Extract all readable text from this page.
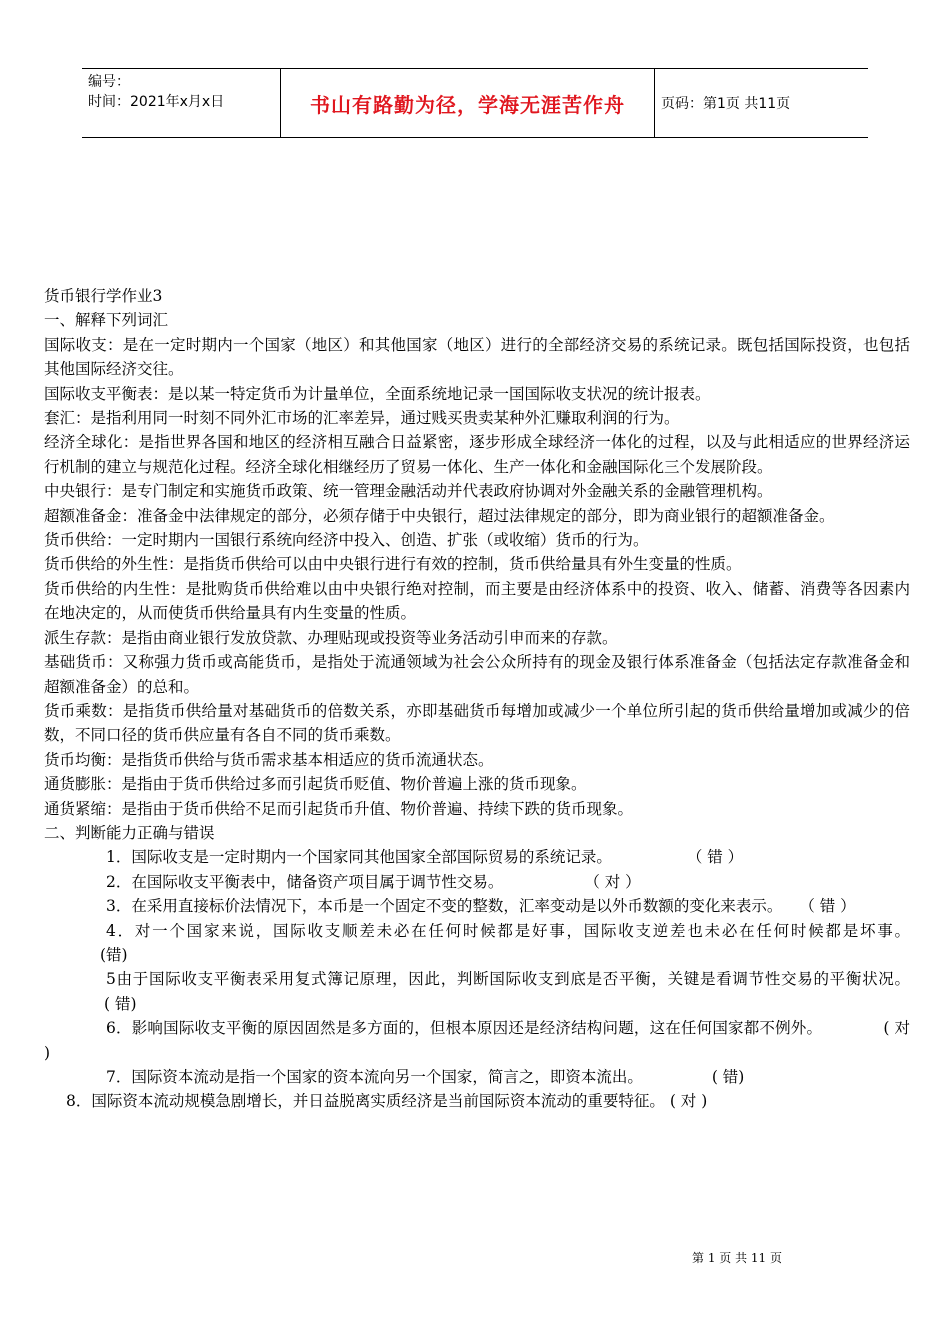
编号：
时间：2021年x月x日	书山有路勤为径，学海无涯苦作舟	页码：第1页 共11页

货币银行学作业3

一、解释下列词汇

国际收支：是在一定时期内一个国家（地区）和其他国家（地区）进行的全部经济交易的系统记录。既包括国际投资，也包括其他国际经济交往。

国际收支平衡表：是以某一特定货币为计量单位，全面系统地记录一国国际收支状况的统计报表。

套汇：是指利用同一时刻不同外汇市场的汇率差异，通过贱买贵卖某种外汇赚取利润的行为。

经济全球化：是指世界各国和地区的经济相互融合日益紧密，逐步形成全球经济一体化的过程，以及与此相适应的世界经济运行机制的建立与规范化过程。经济全球化相继经历了贸易一体化、生产一体化和金融国际化三个发展阶段。

中央银行：是专门制定和实施货币政策、统一管理金融活动并代表政府协调对外金融关系的金融管理机构。

超额准备金：准备金中法律规定的部分，必须存储于中央银行，超过法律规定的部分，即为商业银行的超额准备金。

货币供给：一定时期内一国银行系统向经济中投入、创造、扩张（或收缩）货币的行为。

货币供给的外生性：是指货币供给可以由中央银行进行有效的控制，货币供给量具有外生变量的性质。

货币供给的内生性：是批购货币供给难以由中央银行绝对控制，而主要是由经济体系中的投资、收入、储蓄、消费等各因素内在地决定的，从而使货币供给量具有内生变量的性质。

派生存款：是指由商业银行发放贷款、办理贴现或投资等业务活动引申而来的存款。

基础货币：又称强力货币或高能货币，是指处于流通领域为社会公众所持有的现金及银行体系准备金（包括法定存款准备金和超额准备金）的总和。

货币乘数：是指货币供给量对基础货币的倍数关系，亦即基础货币每增加或减少一个单位所引起的货币供给量增加或减少的倍数，不同口径的货币供应量有各自不同的货币乘数。

货币均衡：是指货币供给与货币需求基本相适应的货币流通状态。

通货膨胀：是指由于货币供给过多而引起货币贬值、物价普遍上涨的货币现象。

通货紧缩：是指由于货币供给不足而引起货币升值、物价普遍、持续下跌的货币现象。

二、判断能力正确与错误

1．国际收支是一定时期内一个国家同其他国家全部国际贸易的系统记录。	（ 错 ）

2．在国际收支平衡表中，储备资产项目属于调节性交易。	（ 对 ）

3．在采用直接标价法情况下，本币是一个固定不变的整数，汇率变动是以外币数额的变化来表示。 （ 错 ）

4．对一个国家来说，国际收支顺差未必在任何时候都是好事，国际收支逆差也未必在任何时候都是坏事。 (错)

5由于国际收支平衡表采用复式簿记原理，因此，判断国际收支到底是否平衡，关键是看调节性交易的平衡状况。 ( 错)

6．影响国际收支平衡的原因固然是多方面的，但根本原因还是经济结构问题，这在任何国家都不例外。	( 对 )

7．国际资本流动是指一个国家的资本流向另一个国家，简言之，即资本流出。	( 错)

8．国际资本流动规模急剧增长，并日益脱离实质经济是当前国际资本流动的重要特征。 ( 对 )

第 1 页 共 11 页
